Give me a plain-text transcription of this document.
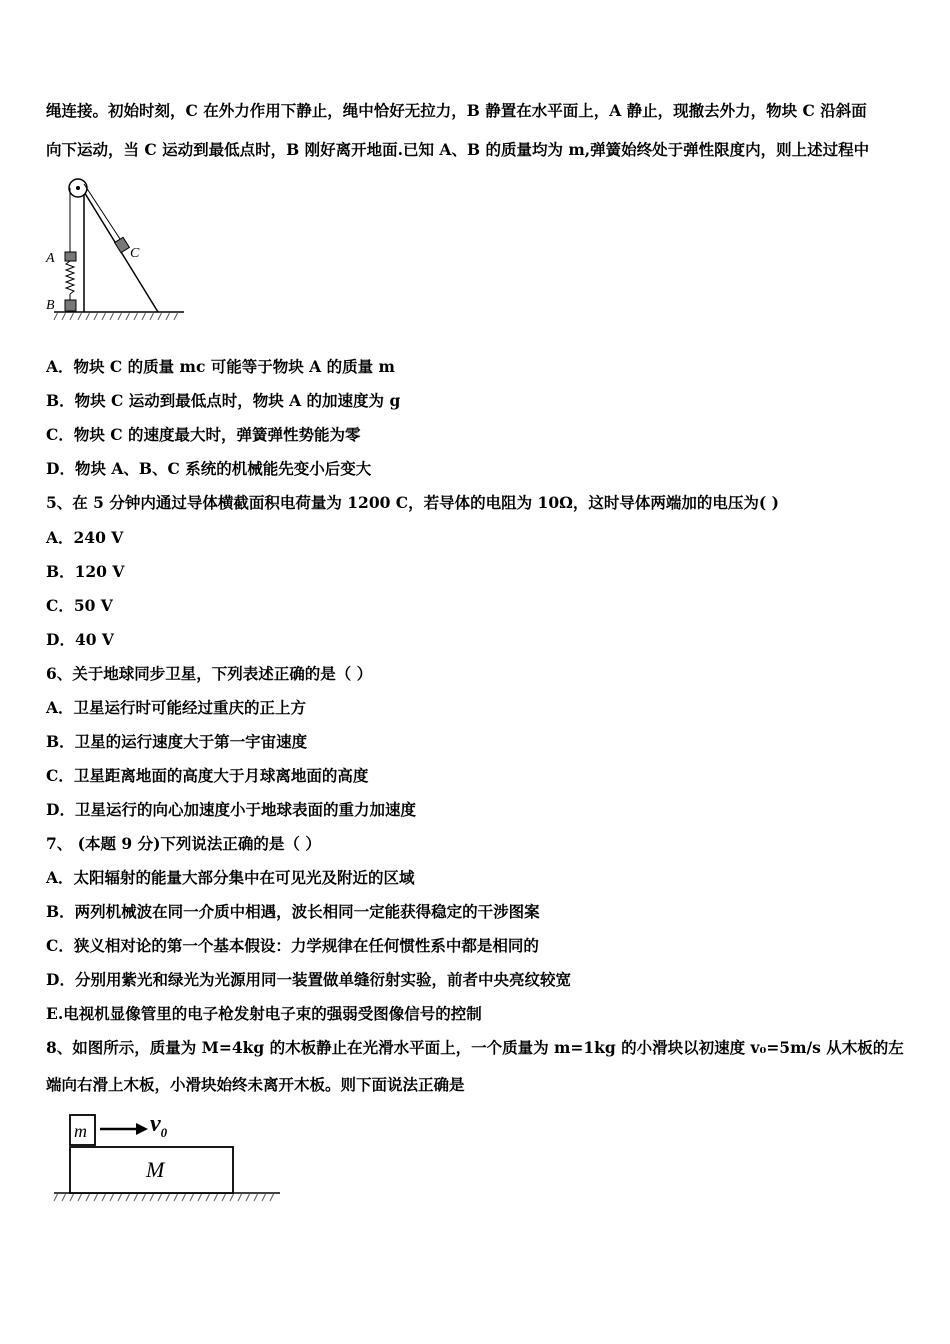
绳连接。初始时刻，C 在外力作用下静止，绳中恰好无拉力，B 静置在水平面上，A 静止，现撤去外力，物块 C 沿斜面
向下运动，当 C 运动到最低点时，B 刚好离开地面.已知 A、B 的质量均为 m,弹簧始终处于弹性限度内，则上述过程中
A
B
C
A．物块 C 的质量 mc 可能等于物块 A 的质量 m
B．物块 C 运动到最低点时，物块 A 的加速度为 g
C．物块 C 的速度最大时，弹簧弹性势能为零
D．物块 A、B、C 系统的机械能先变小后变大
5、在 5 分钟内通过导体横截面积电荷量为 1200 C，若导体的电阻为 10Ω，这时导体两端加的电压为( )
A．240 V
B．120 V
C．50 V
D．40 V
6、关于地球同步卫星，下列表述正确的是（ ）
A．卫星运行时可能经过重庆的正上方
B．卫星的运行速度大于第一宇宙速度
C．卫星距离地面的高度大于月球离地面的高度
D．卫星运行的向心加速度小于地球表面的重力加速度
7、 (本题 9 分)下列说法正确的是（ ）
A．太阳辐射的能量大部分集中在可见光及附近的区域
B．两列机械波在同一介质中相遇，波长相同一定能获得稳定的干涉图案
C．狭义相对论的第一个基本假设：力学规律在任何惯性系中都是相同的
D．分别用紫光和绿光为光源用同一装置做单缝衍射实验，前者中央亮纹较宽
E.电视机显像管里的电子枪发射电子束的强弱受图像信号的控制
8、如图所示，质量为 M=4kg 的木板静止在光滑水平面上，一个质量为 m=1kg 的小滑块以初速度 v₀=5m/s 从木板的左
端向右滑上木板，小滑块始终未离开木板。则下面说法正确是
M
m	$v_0$
